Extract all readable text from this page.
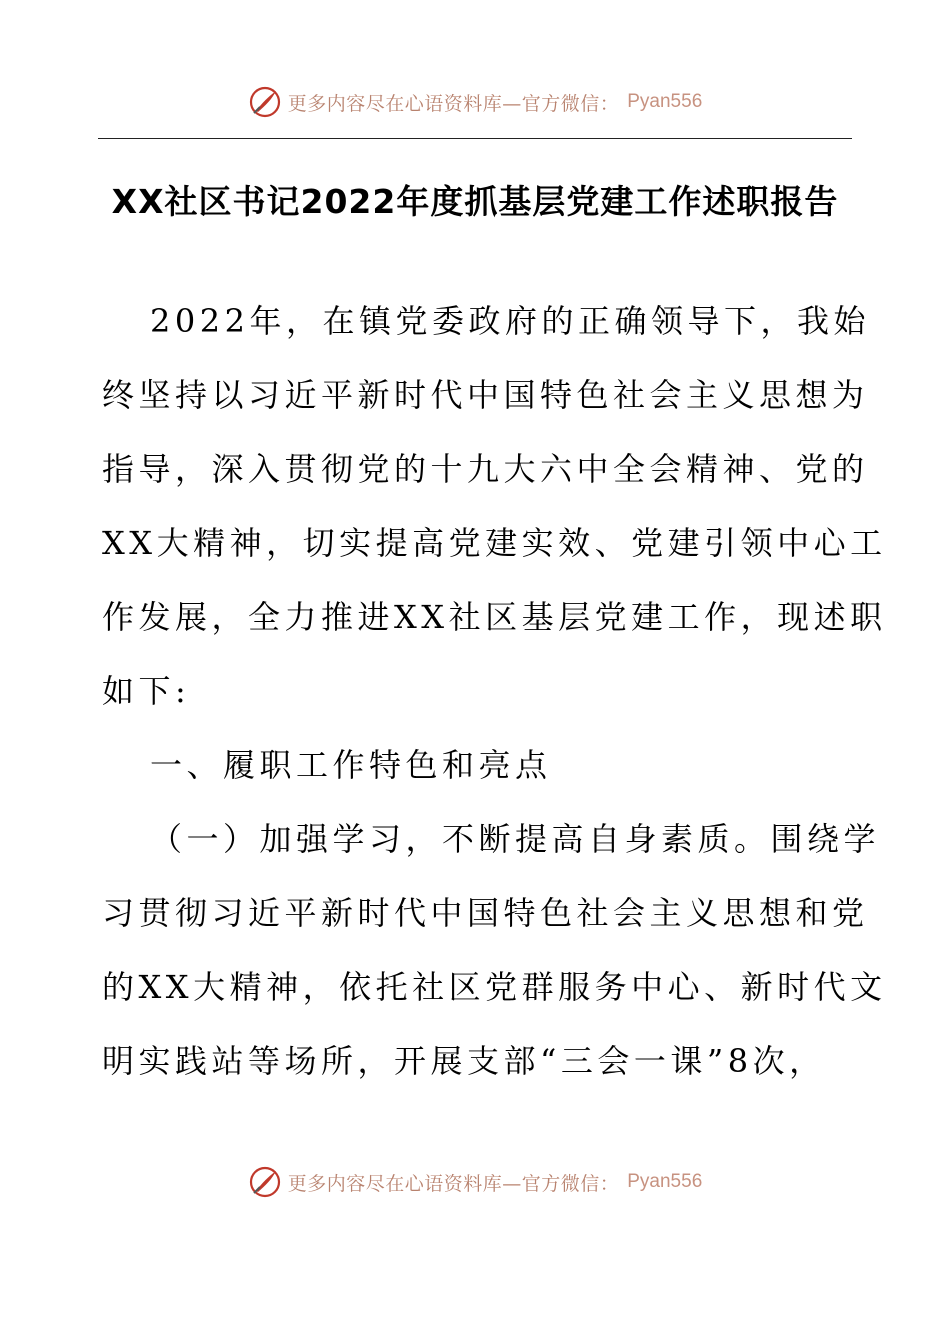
更多内容尽在心语资料库—官方微信： Pyan556
XX社区书记2022年度抓基层党建工作述职报告
2022年，在镇党委政府的正确领导下，我始
终坚持以习近平新时代中国特色社会主义思想为
指导，深入贯彻党的十九大六中全会精神、党的
XX大精神，切实提高党建实效、党建引领中心工
作发展，全力推进XX社区基层党建工作，现述职
如下:
一、履职工作特色和亮点
（一）加强学习，不断提高自身素质。围绕学
习贯彻习近平新时代中国特色社会主义思想和党
的XX大精神，依托社区党群服务中心、新时代文
明实践站等场所，开展支部“三会一课”8次，
更多内容尽在心语资料库—官方微信： Pyan556
